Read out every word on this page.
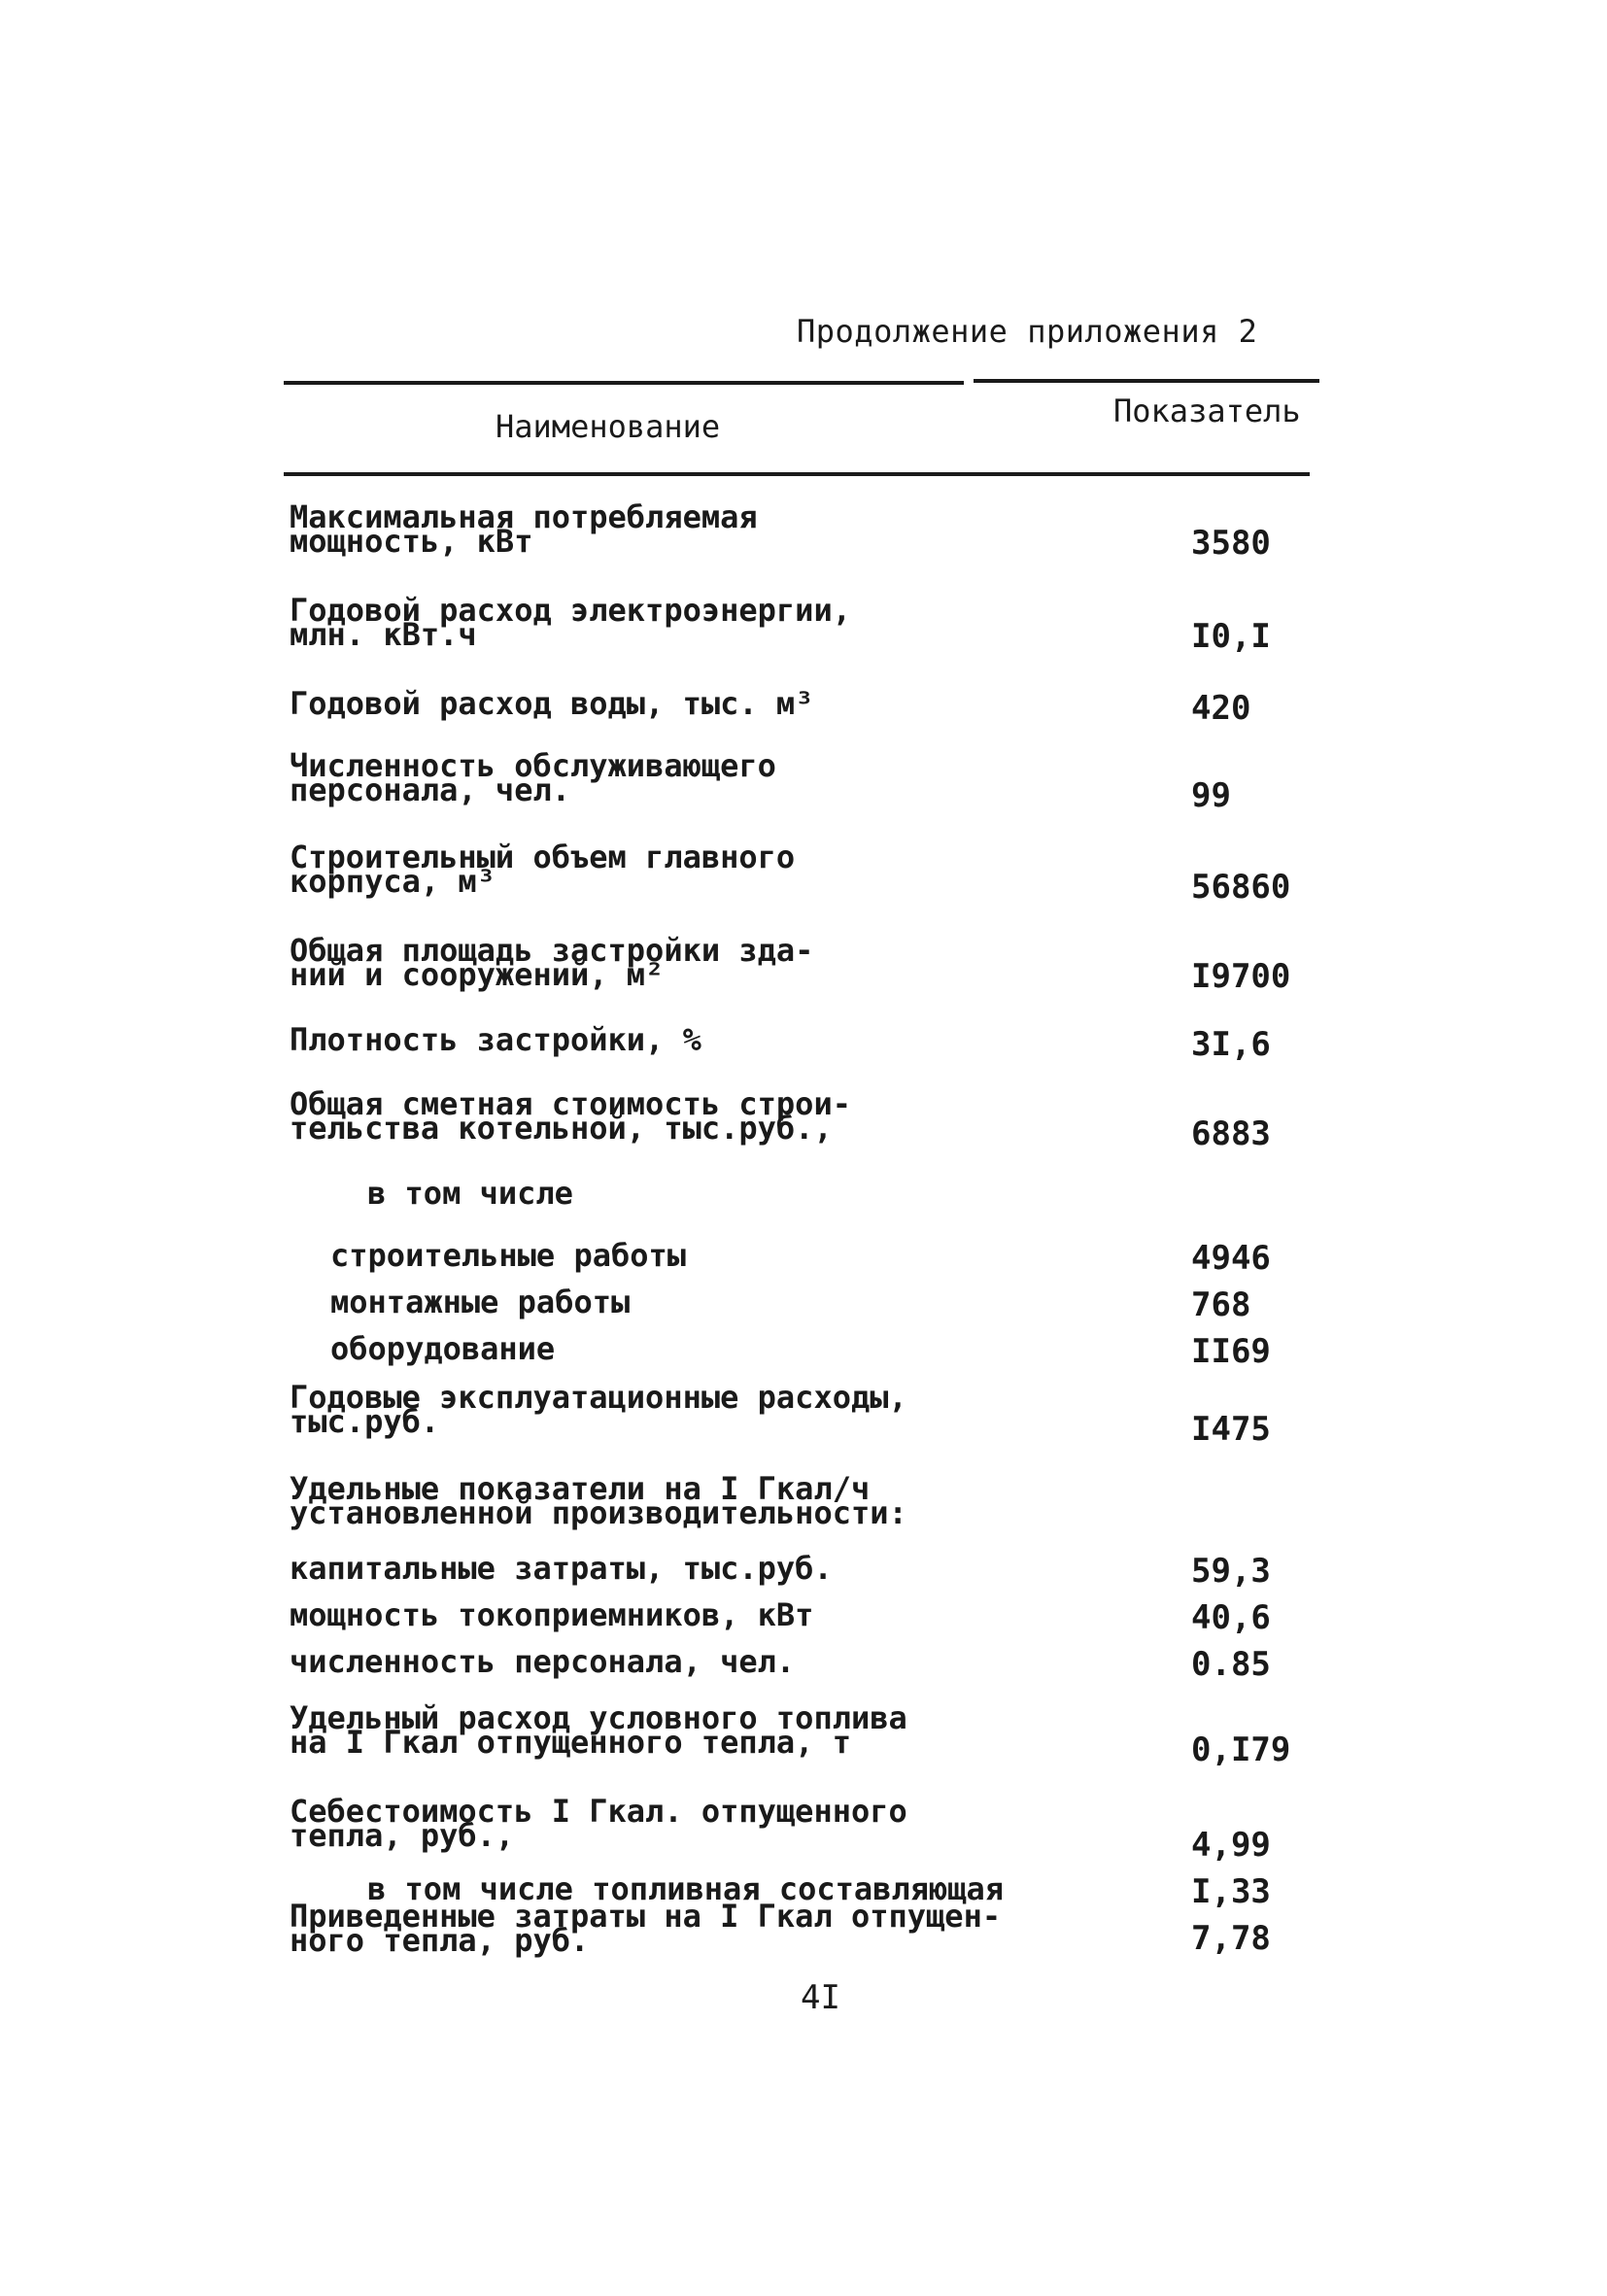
Продолжение приложения 2
Наименование	Показатель
Максимальная потребляемая
мощность, кВт	3580
Годовой расход электроэнергии,
млн. кВт.ч	I0,I
Годовой расход воды, тыс. м³	420
Численность обслуживающего
персонала, чел.	99
Строительный объем главного
корпуса, м³	56860
Общая площадь застройки зда-
ний и сооружений, м²	I9700
Плотность застройки, %	3I,6
Общая сметная стоимость строи-
тельства котельной, тыс.руб.,	6883
в том числе
строительные работы	4946
монтажные работы	768
оборудование	II69
Годовые эксплуатационные расходы,
тыс.руб.	I475
Удельные показатели на I Гкал/ч
установленной производительности:
капитальные затраты, тыс.руб.	59,3
мощность токоприемников, кВт	40,6
численность персонала, чел.	0.85
Удельный расход условного топлива
на I Гкал отпущенного тепла, т	0,I79
Себестоимость I Гкал. отпущенного
тепла, руб.,	4,99
в том числе топливная составляющая	I,33
Приведенные затраты на I Гкал отпущен-
ного тепла, руб.	7,78
4I
